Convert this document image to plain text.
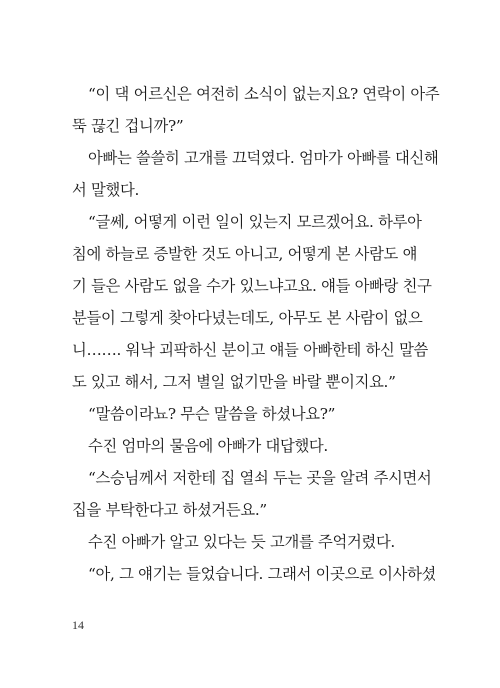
“이 댁 어르신은 여전히 소식이 없는지요? 연락이 아주
뚝 끊긴 겁니까?”
아빠는 쓸쓸히 고개를 끄덕였다. 엄마가 아빠를 대신해
서 말했다.
“글쎄, 어떻게 이런 일이 있는지 모르겠어요. 하루아
침에 하늘로 증발한 것도 아니고, 어떻게 본 사람도 얘
기 들은 사람도 없을 수가 있느냐고요. 얘들 아빠랑 친구
분들이 그렇게 찾아다녔는데도, 아무도 본 사람이 없으
니……. 워낙 괴팍하신 분이고 얘들 아빠한테 하신 말씀
도 있고 해서, 그저 별일 없기만을 바랄 뿐이지요.”
“말씀이라뇨? 무슨 말씀을 하셨나요?”
수진 엄마의 물음에 아빠가 대답했다.
“스승님께서 저한테 집 열쇠 두는 곳을 알려 주시면서
집을 부탁한다고 하셨거든요.”
수진 아빠가 알고 있다는 듯 고개를 주억거렸다.
“아, 그 얘기는 들었습니다. 그래서 이곳으로 이사하셨
14
